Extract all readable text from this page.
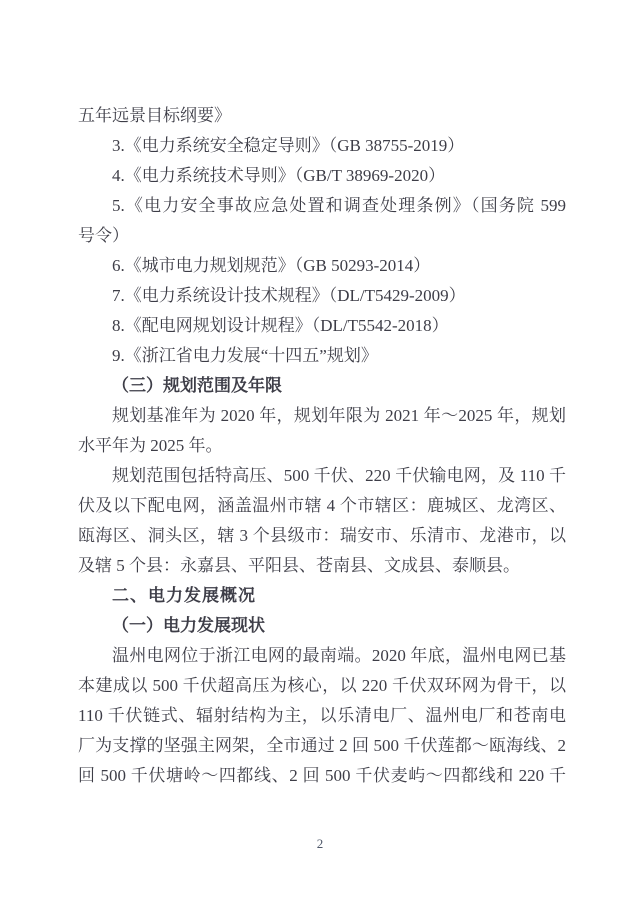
五年远景目标纲要》
3.《电力系统安全稳定导则》（GB 38755-2019）
4.《电力系统技术导则》（GB/T 38969-2020）
5.《电力安全事故应急处置和调查处理条例》（国务院 599
号令）
6.《城市电力规划规范》（GB 50293-2014）
7.《电力系统设计技术规程》（DL/T5429-2009）
8.《配电网规划设计规程》（DL/T5542-2018）
9.《浙江省电力发展“十四五”规划》
（三）规划范围及年限
规划基准年为 2020 年，规划年限为 2021 年～2025 年，规划
水平年为 2025 年。
规划范围包括特高压、500 千伏、220 千伏输电网，及 110 千
伏及以下配电网，涵盖温州市辖 4 个市辖区：鹿城区、龙湾区、
瓯海区、洞头区，辖 3 个县级市：瑞安市、乐清市、龙港市，以
及辖 5 个县：永嘉县、平阳县、苍南县、文成县、泰顺县。
二、电力发展概况
（一）电力发展现状
温州电网位于浙江电网的最南端。2020 年底，温州电网已基
本建成以 500 千伏超高压为核心，以 220 千伏双环网为骨干，以
110 千伏链式、辐射结构为主，以乐清电厂、温州电厂和苍南电
厂为支撑的坚强主网架，全市通过 2 回 500 千伏莲都～瓯海线、2
回 500 千伏塘岭～四都线、2 回 500 千伏麦屿～四都线和 220 千
2
